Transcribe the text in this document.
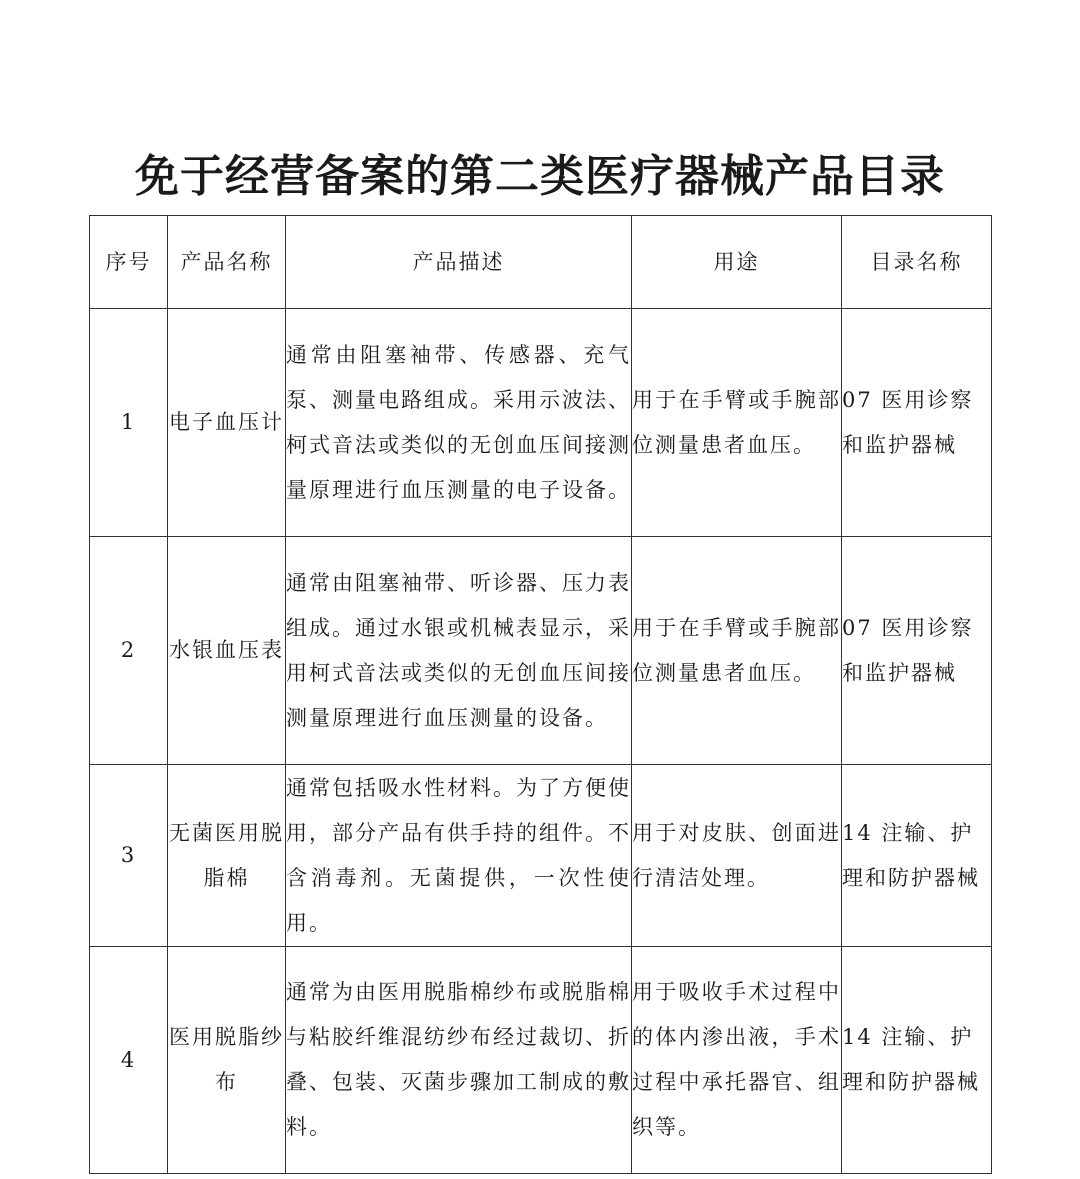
免于经营备案的第二类医疗器械产品目录
序号	产品名称	产品描述	用途	目录名称
1	电子血压计	通常由阻塞袖带、传感器、充气泵、测量电路组成。采用示波法、柯式音法或类似的无创血压间接测量原理进行血压测量的电子设备。	用于在手臂或手腕部位测量患者血压。	07 医用诊察和监护器械
2	水银血压表	通常由阻塞袖带、听诊器、压力表组成。通过水银或机械表显示，采用柯式音法或类似的无创血压间接测量原理进行血压测量的设备。	用于在手臂或手腕部位测量患者血压。	07 医用诊察和监护器械
3	无菌医用脱脂棉	通常包括吸水性材料。为了方便使用，部分产品有供手持的组件。不含消毒剂。无菌提供，一次性使用。	用于对皮肤、创面进行清洁处理。	14 注输、护理和防护器械
4	医用脱脂纱布	通常为由医用脱脂棉纱布或脱脂棉与粘胶纤维混纺纱布经过裁切、折叠、包装、灭菌步骤加工制成的敷料。	用于吸收手术过程中的体内渗出液，手术过程中承托器官、组织等。	14 注输、护理和防护器械
